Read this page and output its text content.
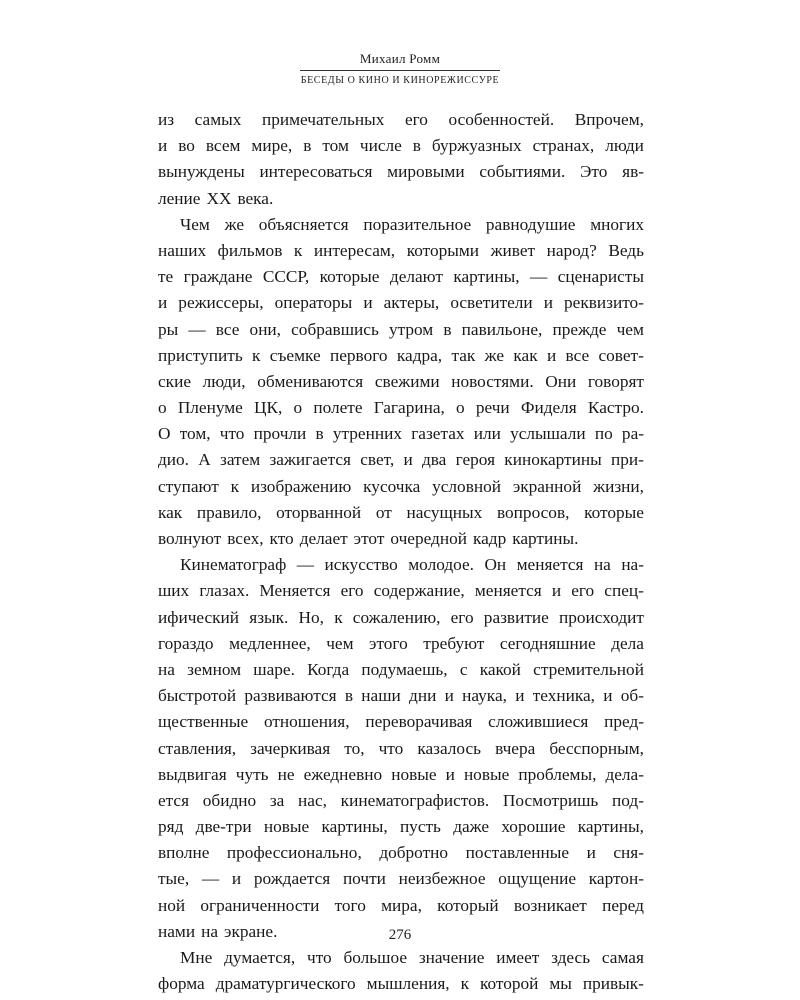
Михаил Ромм
БЕСЕДЫ О КИНО И КИНОРЕЖИССУРЕ
из самых примечательных его особенностей. Впрочем,
и во всем мире, в том числе в буржуазных странах, люди
вынуждены интересоваться мировыми событиями. Это яв-
ление XX века.
Чем же объясняется поразительное равнодушие многих
наших фильмов к интересам, которыми живет народ? Ведь
те граждане СССР, которые делают картины, — сценаристы
и режиссеры, операторы и актеры, осветители и реквизито-
ры — все они, собравшись утром в павильоне, прежде чем
приступить к съемке первого кадра, так же как и все совет-
ские люди, обмениваются свежими новостями. Они говорят
о Пленуме ЦК, о полете Гагарина, о речи Фиделя Кастро.
О том, что прочли в утренних газетах или услышали по ра-
дио. А затем зажигается свет, и два героя кинокартины при-
ступают к изображению кусочка условной экранной жизни,
как правило, оторванной от насущных вопросов, которые
волнуют всех, кто делает этот очередной кадр картины.
Кинематограф — искусство молодое. Он меняется на на-
ших глазах. Меняется его содержание, меняется и его спец-
ифический язык. Но, к сожалению, его развитие происходит
гораздо медленнее, чем этого требуют сегодняшние дела
на земном шаре. Когда подумаешь, с какой стремительной
быстротой развиваются в наши дни и наука, и техника, и об-
щественные отношения, переворачивая сложившиеся пред-
ставления, зачеркивая то, что казалось вчера бесспорным,
выдвигая чуть не ежедневно новые и новые проблемы, дела-
ется обидно за нас, кинематографистов. Посмотришь под-
ряд две-три новые картины, пусть даже хорошие картины,
вполне профессионально, добротно поставленные и сня-
тые, — и рождается почти неизбежное ощущение картон-
ной ограниченности того мира, который возникает перед
нами на экране.
Мне думается, что большое значение имеет здесь самая
форма драматургического мышления, к которой мы привык-
276
